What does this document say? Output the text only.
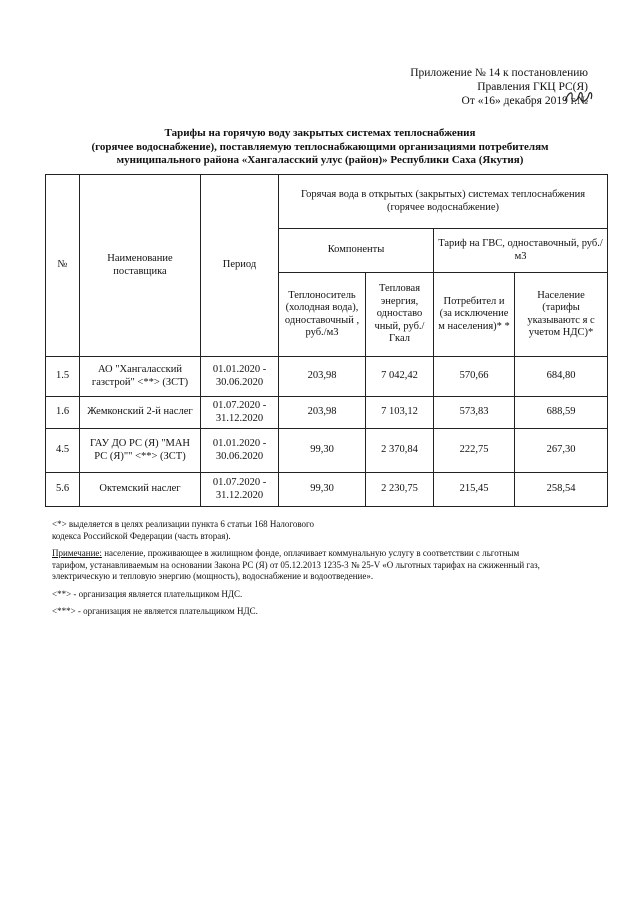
Приложение № 14 к постановлению
Правления ГКЦ РС(Я)
От «16» декабря 2019 г.№
Тарифы на горячую воду закрытых системах теплоснабжения
(горячее водоснабжение), поставляемую теплоснабжающими организациями потребителям
муниципального района «Хангаласский улус (район)» Республики Саха (Якутия)
№	Наименование поставщика	Период	Горячая вода в открытых (закрытых) системах теплоснабжения (горячее водоснабжение)			
			Компоненты		Тариф на ГВС, одноставочный, руб./м3	
			Теплоноситель (холодная вода), одноставочный , руб./м3	Тепловая энергия, одноставо чный, руб./Гкал	Потребител и (за исключение м населения)* *	Население (тарифы указываютс я с учетом НДС)*
1.5	АО "Хангаласский газстрой" <**> (ЗСТ)	01.01.2020 - 30.06.2020	203,98	7 042,42	570,66	684,80
1.6	Жемконский 2-й наслег	01.07.2020 - 31.12.2020	203,98	7 103,12	573,83	688,59
4.5	ГАУ ДО РС (Я) "МАН РС (Я)"" <**> (ЗСТ)	01.01.2020 - 30.06.2020	99,30	2 370,84	222,75	267,30
5.6	Октемский наслег	01.07.2020 - 31.12.2020	99,30	2 230,75	215,45	258,54

<*> выделяется в целях реализации пункта 6 статьи 168 Налогового
кодекса Российской Федерации (часть вторая).

Примечание: население, проживающее в жилищном фонде, оплачивает коммунальную услугу в соответствии с льготным
тарифом, устанавливаемым на основании Закона РС (Я) от 05.12.2013 1235-3 № 25-V «О льготных тарифах на сжиженный газ,
электрическую и тепловую энергию (мощность), водоснабжение и водоотведение».

<**> - организация является плательщиком НДС.

<***> - организация не является плательщиком НДС.
